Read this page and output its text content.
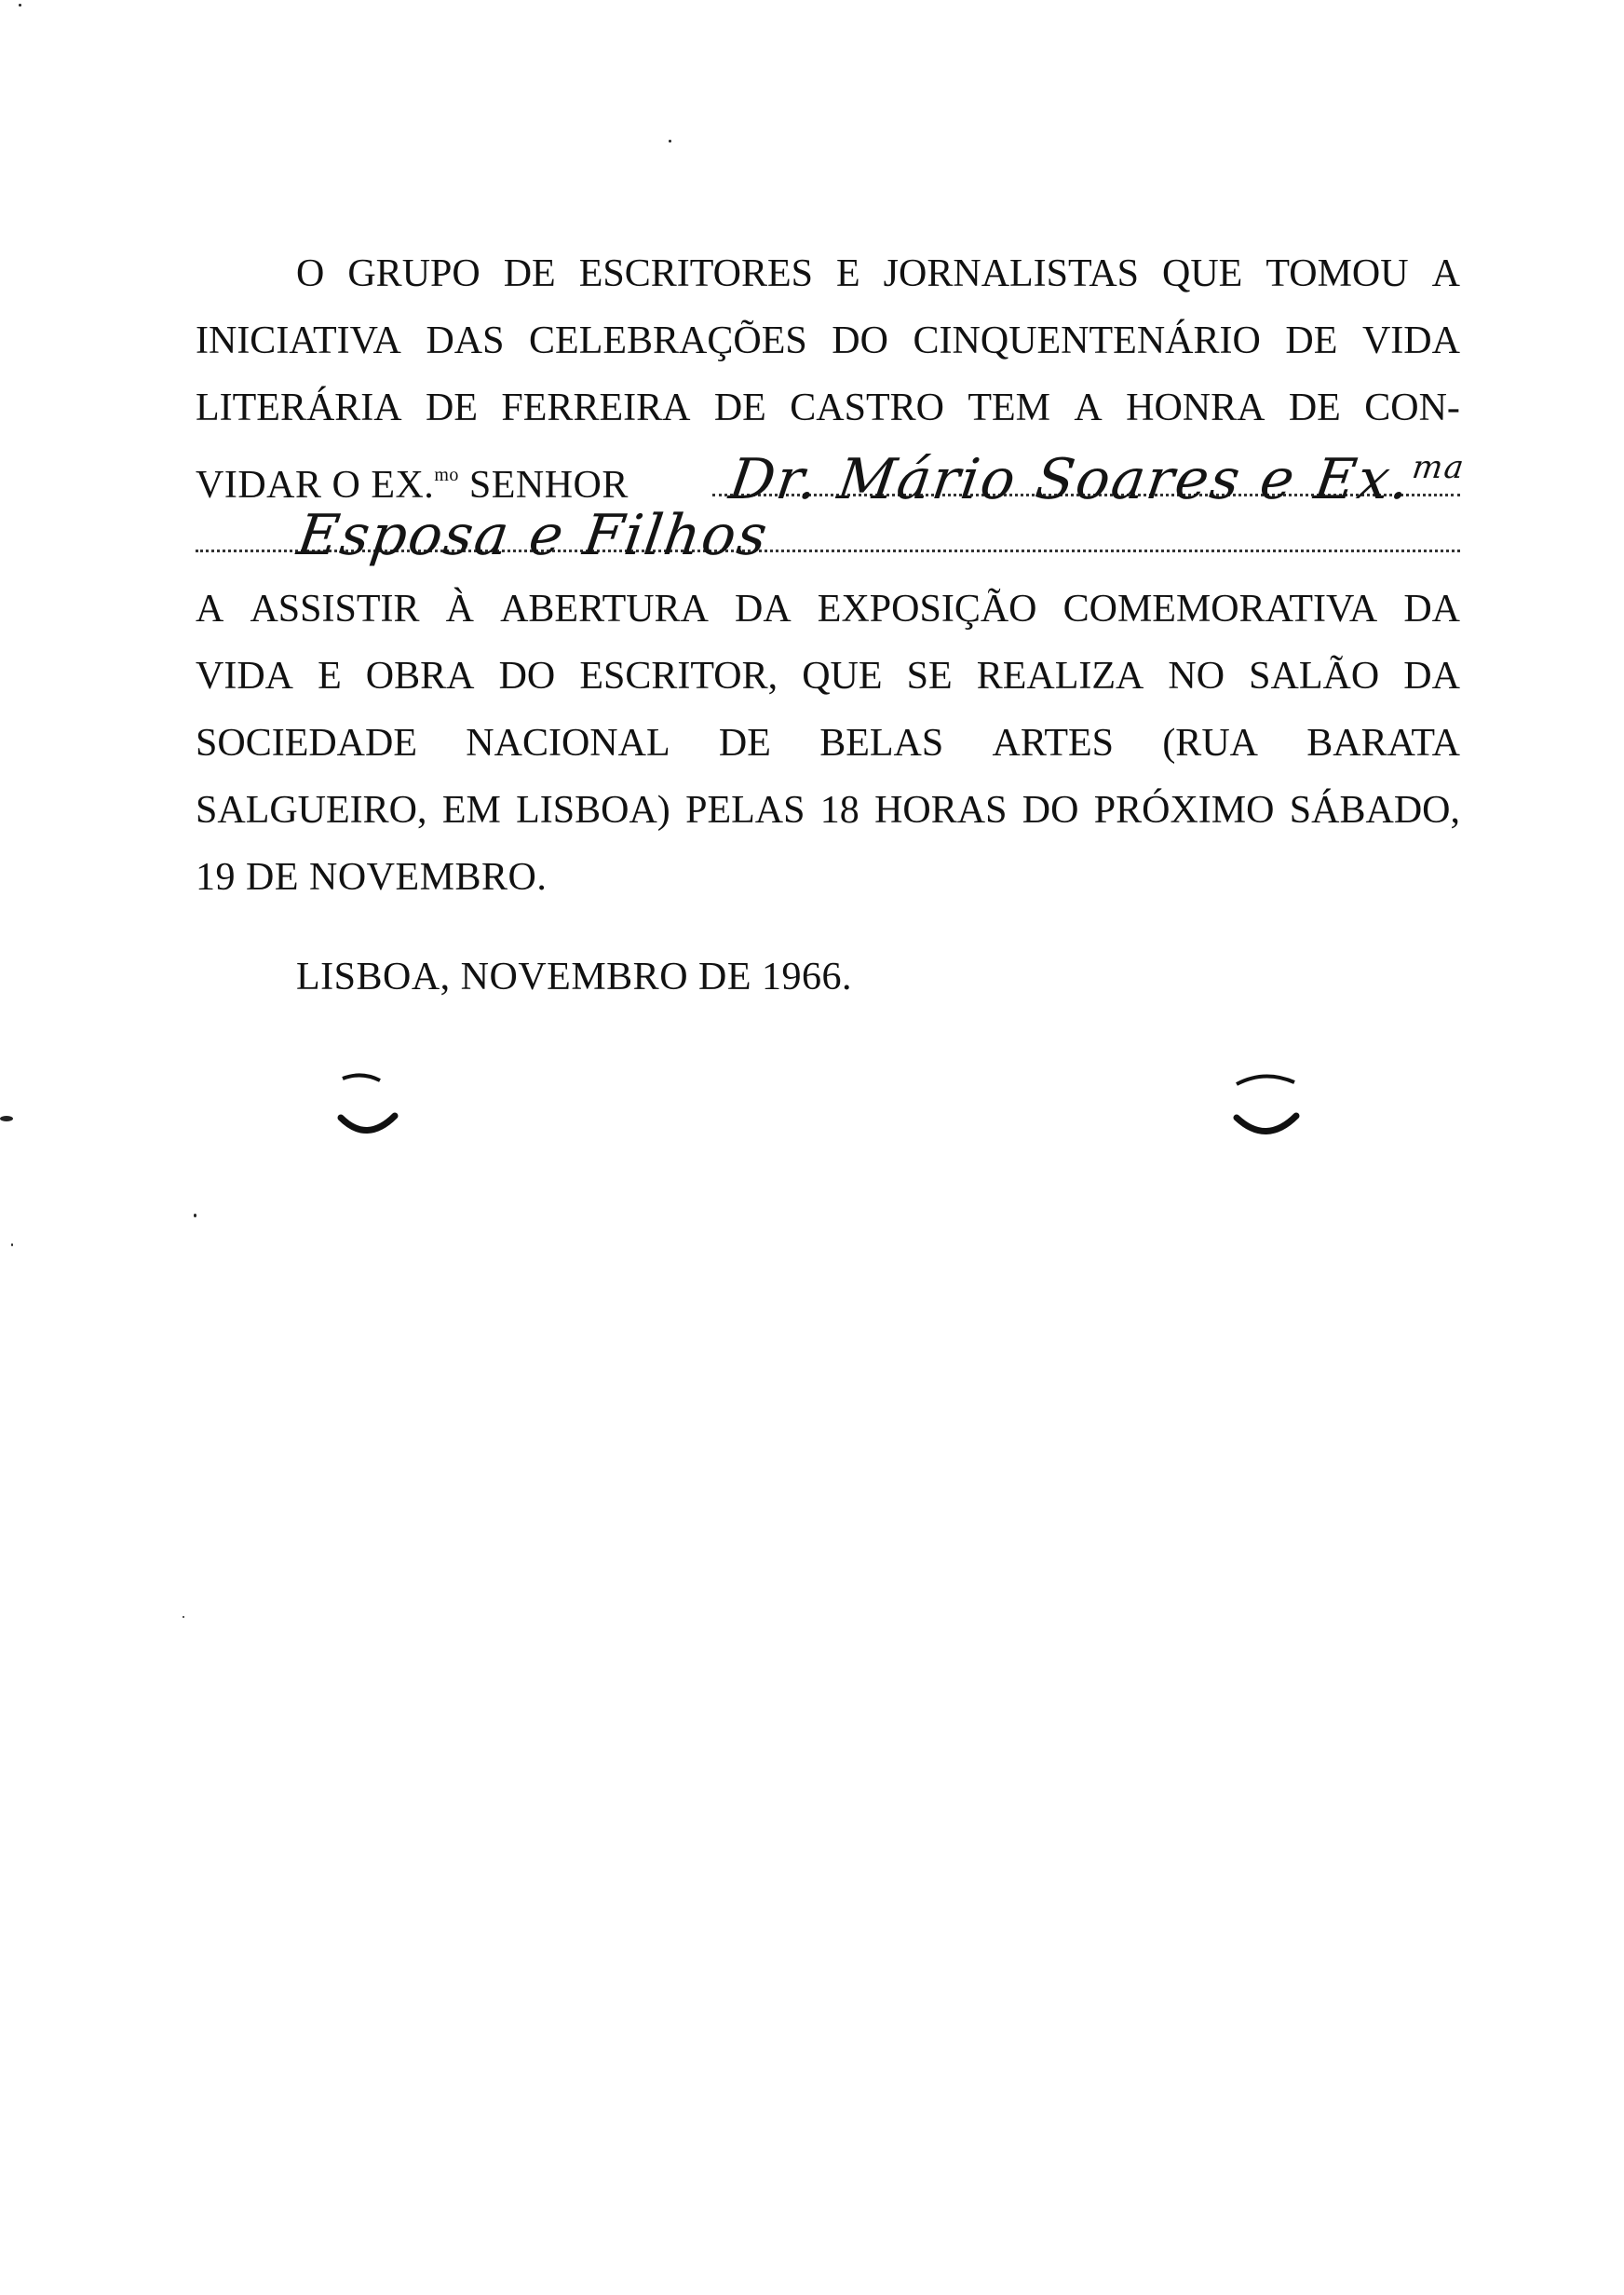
O GRUPO DE ESCRITORES E JORNALISTAS QUE TOMOU A
INICIATIVA DAS CELEBRAÇÕES DO CINQUENTENÁRIO DE VIDA
LITERÁRIA DE FERREIRA DE CASTRO TEM A HONRA DE CON-
VIDAR O EX.$^{mo}$ SENHOR Dr. Mário Soares e Ex.$^{ma}$
Esposa e Filhos
A ASSISTIR À ABERTURA DA EXPOSIÇÃO COMEMORATIVA DA
VIDA E OBRA DO ESCRITOR, QUE SE REALIZA NO SALÃO DA
SOCIEDADE NACIONAL DE BELAS ARTES (RUA BARATA
SALGUEIRO, EM LISBOA) PELAS 18 HORAS DO PRÓXIMO SÁBADO,
19 DE NOVEMBRO.
LISBOA, NOVEMBRO DE 1966.
